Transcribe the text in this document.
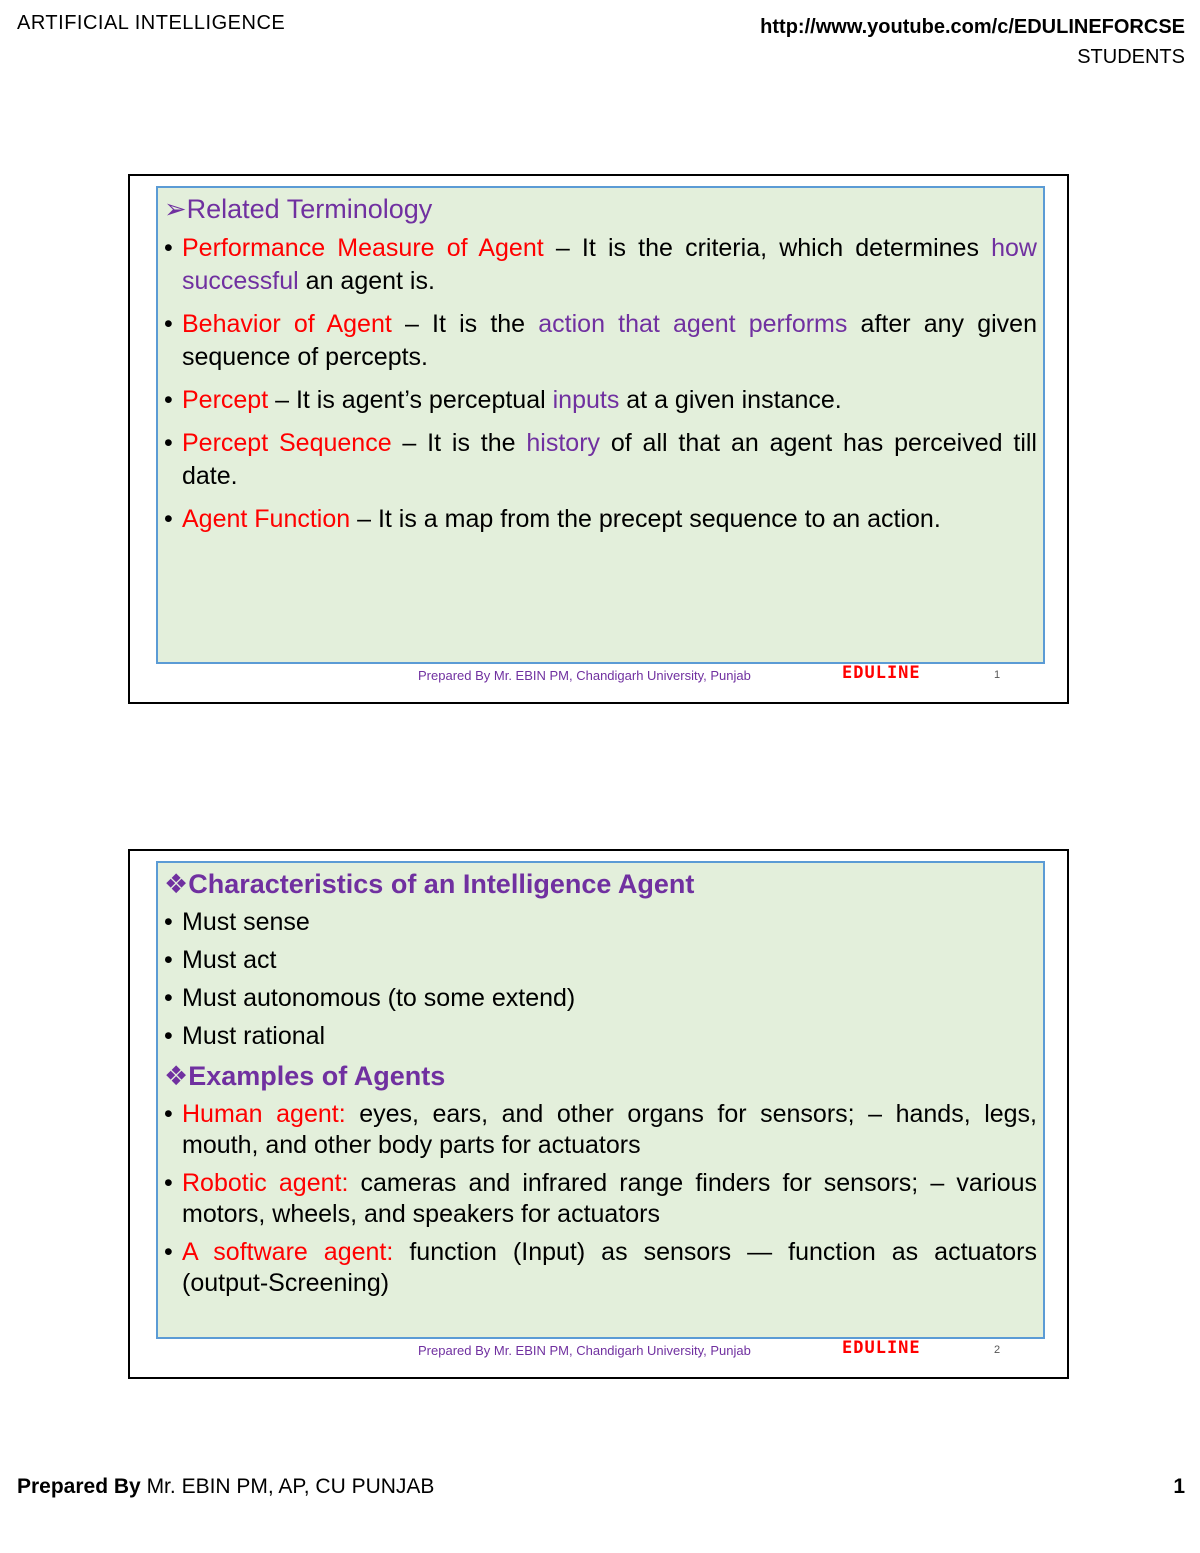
ARTIFICIAL INTELLIGENCE	http://www.youtube.com/c/EDULINEFORCSE
STUDENTS
➢Related Terminology
• Performance Measure of Agent – It is the criteria, which determines how successful an agent is.
• Behavior of Agent – It is the action that agent performs after any given sequence of percepts.
• Percept – It is agent’s perceptual inputs at a given instance.
• Percept Sequence – It is the history of all that an agent has perceived till date.
• Agent Function – It is a map from the precept sequence to an action.
Prepared By Mr. EBIN PM, Chandigarh University, Punjab	EDULINE	1
❖Characteristics of an Intelligence Agent
• Must sense
• Must act
• Must autonomous (to some extend)
• Must rational
❖Examples of Agents
• Human agent: eyes, ears, and other organs for sensors; – hands, legs, mouth, and other body parts for actuators
• Robotic agent: cameras and infrared range finders for sensors; – various motors, wheels, and speakers for actuators
• A software agent: function (Input) as sensors — function as actuators (output-Screening)
Prepared By Mr. EBIN PM, Chandigarh University, Punjab	EDULINE	2
Prepared By Mr. EBIN PM, AP, CU PUNJAB	1
